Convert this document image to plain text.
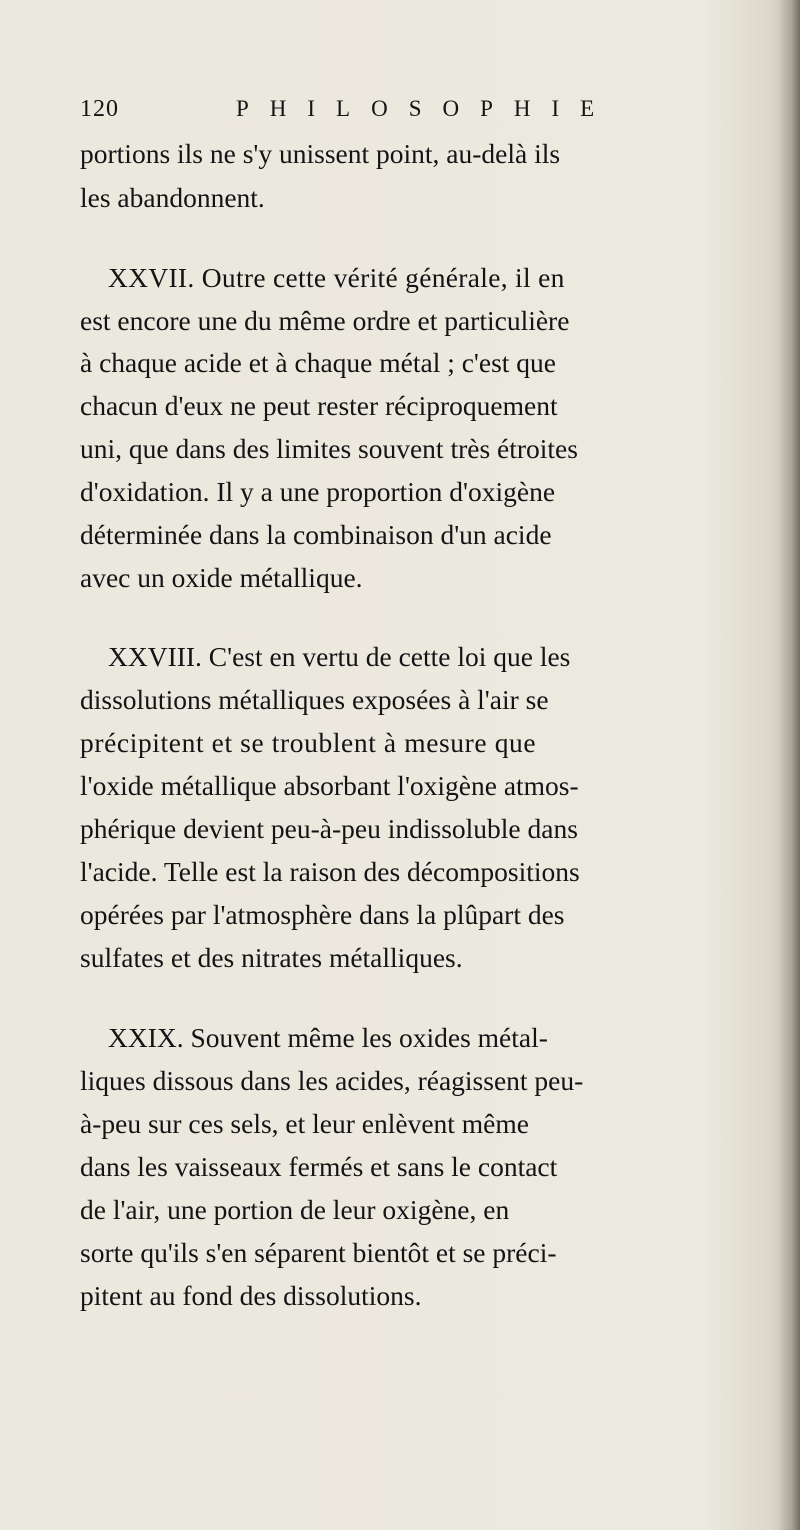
120	PHILOSOPHIE
portions ils ne s'y unissent point, au-delà ils
les abandonnent.
XXVII. Outre cette vérité générale, il en
est encore une du même ordre et particulière
à chaque acide et à chaque métal ; c'est que
chacun d'eux ne peut rester réciproquement
uni, que dans des limites souvent très étroites
d'oxidation. Il y a une proportion d'oxigène
déterminée dans la combinaison d'un acide
avec un oxide métallique.
XXVIII. C'est en vertu de cette loi que les
dissolutions métalliques exposées à l'air se
précipitent et se troublent à mesure que
l'oxide métallique absorbant l'oxigène atmos-
phérique devient peu-à-peu indissoluble dans
l'acide. Telle est la raison des décompositions
opérées par l'atmosphère dans la plûpart des
sulfates et des nitrates métalliques.
XXIX. Souvent même les oxides métal-
liques dissous dans les acides, réagissent peu-
à-peu sur ces sels, et leur enlèvent même
dans les vaisseaux fermés et sans le contact
de l'air, une portion de leur oxigène, en
sorte qu'ils s'en séparent bientôt et se préci-
pitent au fond des dissolutions.
